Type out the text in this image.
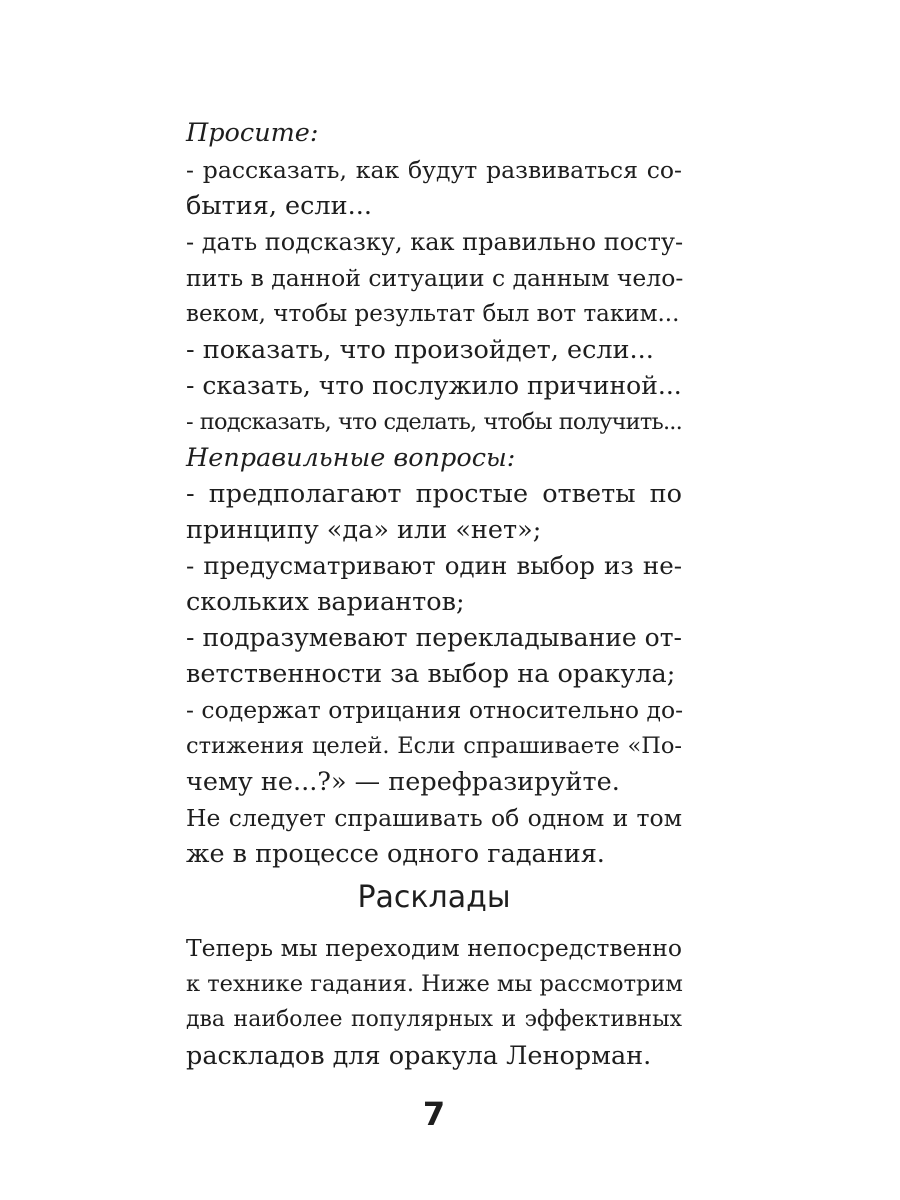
Просите:
- рассказать, как будут развиваться со-
бытия, если...
- дать подсказку, как правильно посту-
пить в данной ситуации с данным чело-
веком, чтобы результат был вот таким...
- показать, что произойдет, если...
- сказать, что послужило причиной...
- подсказать, что сделать, чтобы получить...
Неправильные вопросы:
- предполагают простые ответы по
принципу «да» или «нет»;
- предусматривают один выбор из не-
скольких вариантов;
- подразумевают перекладывание от-
ветственности за выбор на оракула;
- содержат отрицания относительно до-
стижения целей. Если спрашиваете «По-
чему не...?» — перефразируйте.
Не следует спрашивать об одном и том
же в процессе одного гадания.
Расклады
Теперь мы переходим непосредственно
к технике гадания. Ниже мы рассмотрим
два наиболее популярных и эффективных
раскладов для оракула Ленорман.
7
